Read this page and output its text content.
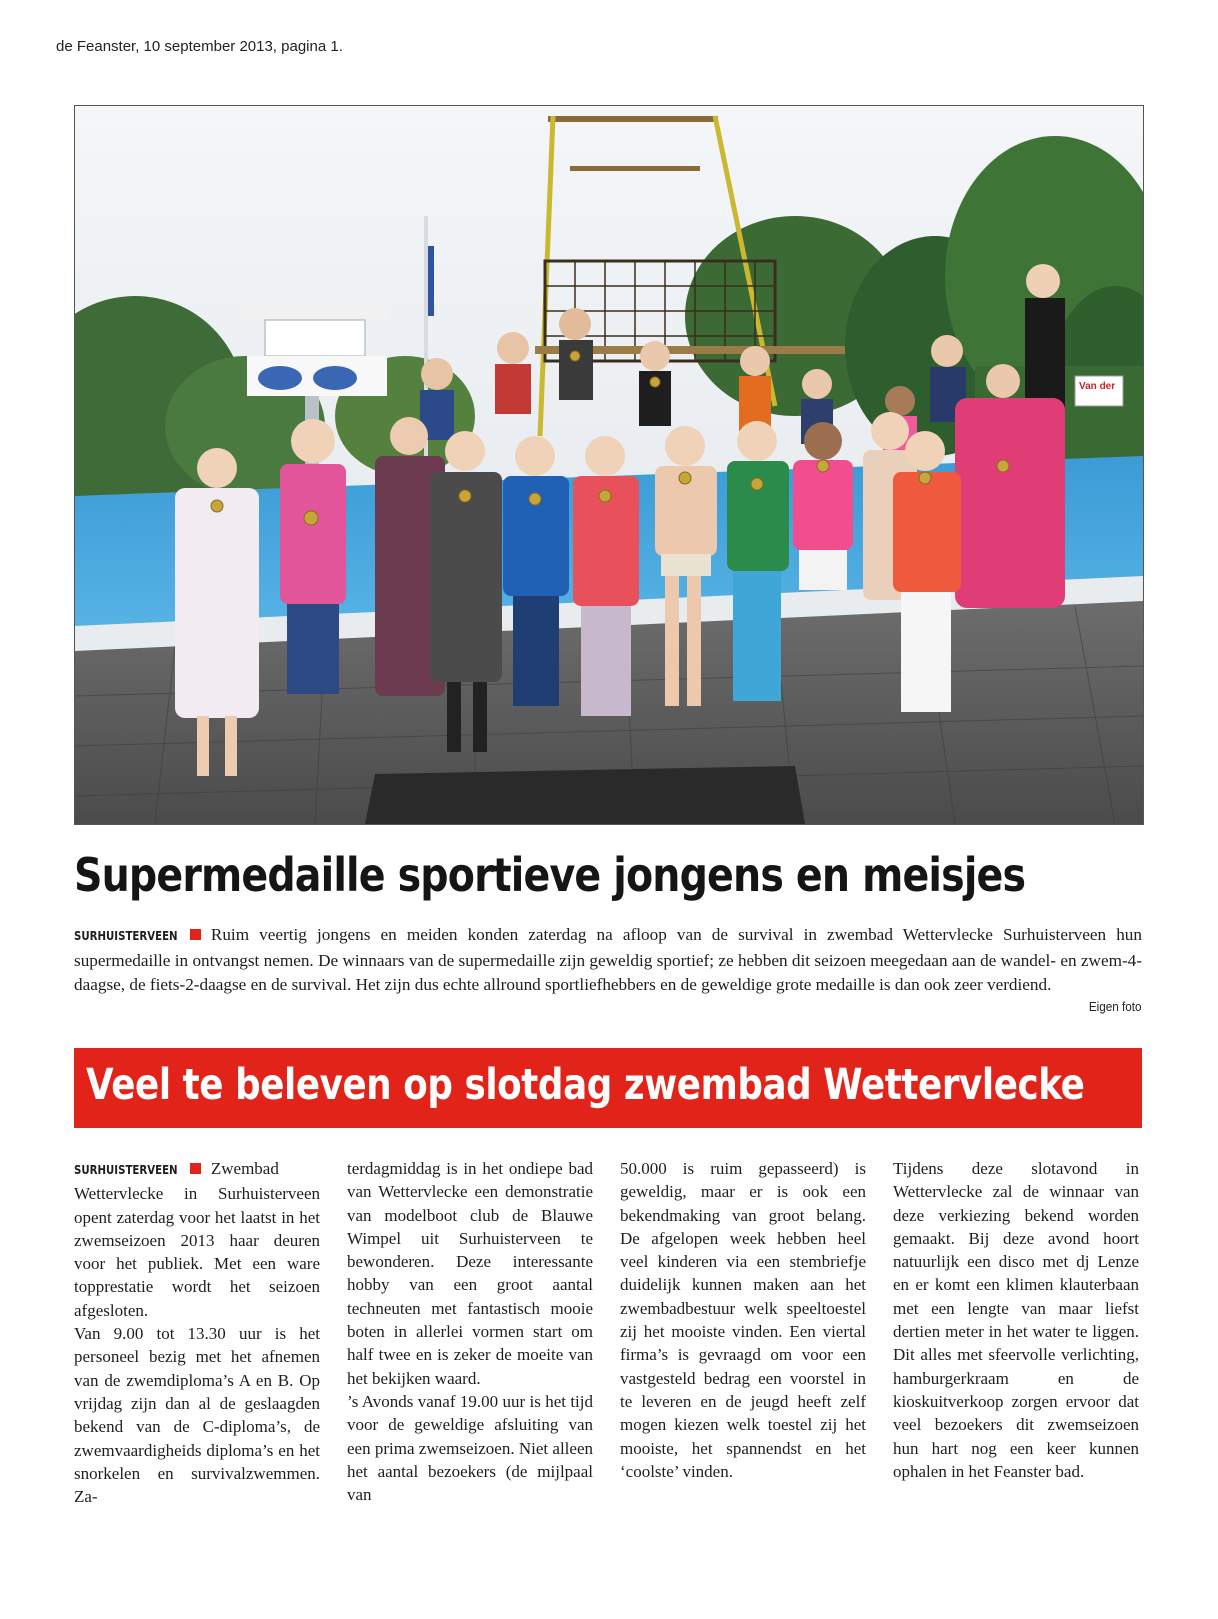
de Feanster, 10 september 2013, pagina 1.
Van der
Supermedaille sportieve jongens en meisjes
SURHUISTERVEEN Ruim veertig jongens en meiden konden zaterdag na afloop van de survival in zwembad Wettervlecke Surhuisterveen hun supermedaille in ontvangst nemen. De winnaars van de supermedaille zijn geweldig sportief; ze hebben dit seizoen meegedaan aan de wandel- en zwem-4-daagse, de fiets-2-daagse en de survival. Het zijn dus echte allround sportliefhebbers en de geweldige grote medaille is dan ook zeer verdiend.
Eigen foto
Veel te beleven op slotdag zwembad Wettervlecke

SURHUISTERVEEN Zwembad Wettervlecke in Surhuisterveen opent zaterdag voor het laatst in het zwemseizoen 2013 haar deuren voor het publiek. Met een ware topprestatie wordt het seizoen afgesloten.

Van 9.00 tot 13.30 uur is het personeel bezig met het afnemen van de zwemdiploma’s A en B. Op vrijdag zijn dan al de geslaagden bekend van de C-diploma’s, de zwemvaardigheids diploma’s en het snorkelen en survivalzwemmen. Za-

terdagmiddag is in het ondiepe bad van Wettervlecke een demonstratie van modelboot club de Blauwe Wimpel uit Surhuisterveen te bewonderen. Deze interessante hobby van een groot aantal techneuten met fantastisch mooie boten in allerlei vormen start om half twee en is zeker de moeite van het bekijken waard.

’s Avonds vanaf 19.00 uur is het tijd voor de geweldige afsluiting van een prima zwemseizoen. Niet alleen het aantal bezoekers (de mijlpaal van

50.000 is ruim gepasseerd) is geweldig, maar er is ook een bekendmaking van groot belang. De afgelopen week hebben heel veel kinderen via een stembriefje duidelijk kunnen maken aan het zwembadbestuur welk speeltoestel zij het mooiste vinden. Een viertal firma’s is gevraagd om voor een vastgesteld bedrag een voorstel in te leveren en de jeugd heeft zelf mogen kiezen welk toestel zij het mooiste, het spannendst en het ‘coolste’ vinden.

Tijdens deze slotavond in Wettervlecke zal de winnaar van deze verkiezing bekend worden gemaakt. Bij deze avond hoort natuurlijk een disco met dj Lenze en er komt een klimen klauterbaan met een lengte van maar liefst dertien meter in het water te liggen. Dit alles met sfeervolle verlichting, hamburgerkraam en de kioskuitverkoop zorgen ervoor dat veel bezoekers dit zwemseizoen hun hart nog een keer kunnen ophalen in het Feanster bad.
